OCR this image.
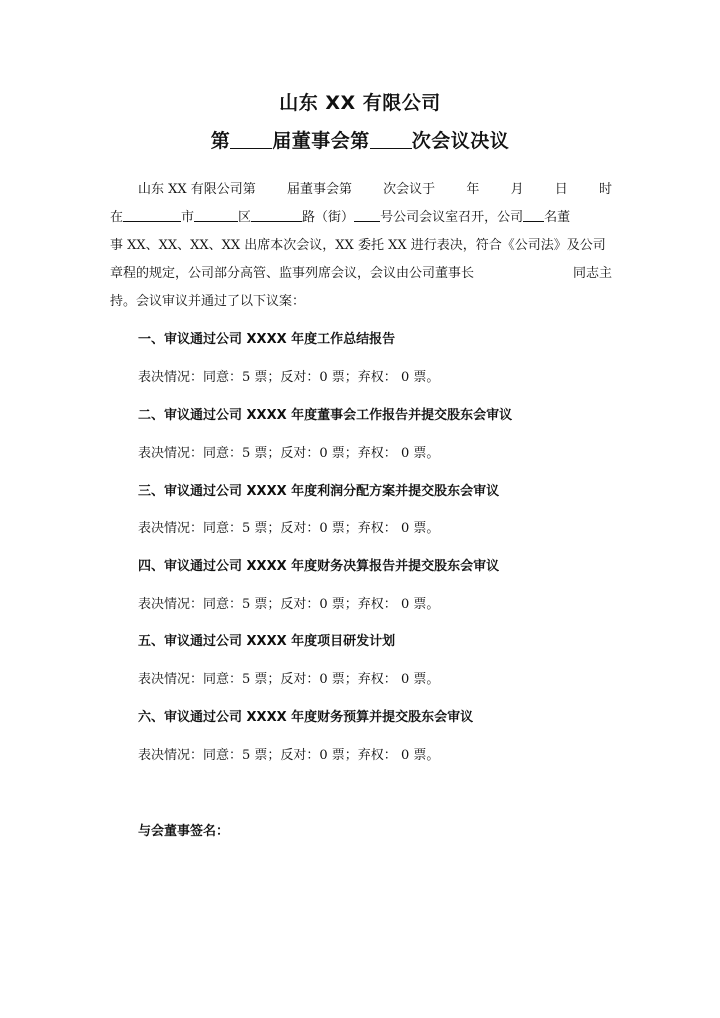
山东 XX 有限公司
第 届董事会第 次会议决议
山东 XX 有限公司第 届董事会第 次会议于 年 月 日 时
在	市	区	路（街） 号公司会议室召开，公司 名董
事 XX、XX、XX、XX 出席本次会议，XX 委托 XX 进行表决，符合《公司法》及公司
章程的规定，公司部分高管、监事列席会议，会议由公司董事长	同志主
持。会议审议并通过了以下议案：
一、审议通过公司 XXXX 年度工作总结报告
表决情况：同意：5 票；反对：0 票；弃权： 0 票。
二、审议通过公司 XXXX 年度董事会工作报告并提交股东会审议
表决情况：同意：5 票；反对：0 票；弃权： 0 票。
三、审议通过公司 XXXX 年度利润分配方案并提交股东会审议
表决情况：同意：5 票；反对：0 票；弃权： 0 票。
四、审议通过公司 XXXX 年度财务决算报告并提交股东会审议
表决情况：同意：5 票；反对：0 票；弃权： 0 票。
五、审议通过公司 XXXX 年度项目研发计划
表决情况：同意：5 票；反对：0 票；弃权： 0 票。
六、审议通过公司 XXXX 年度财务预算并提交股东会审议
表决情况：同意：5 票；反对：0 票；弃权： 0 票。
与会董事签名：
